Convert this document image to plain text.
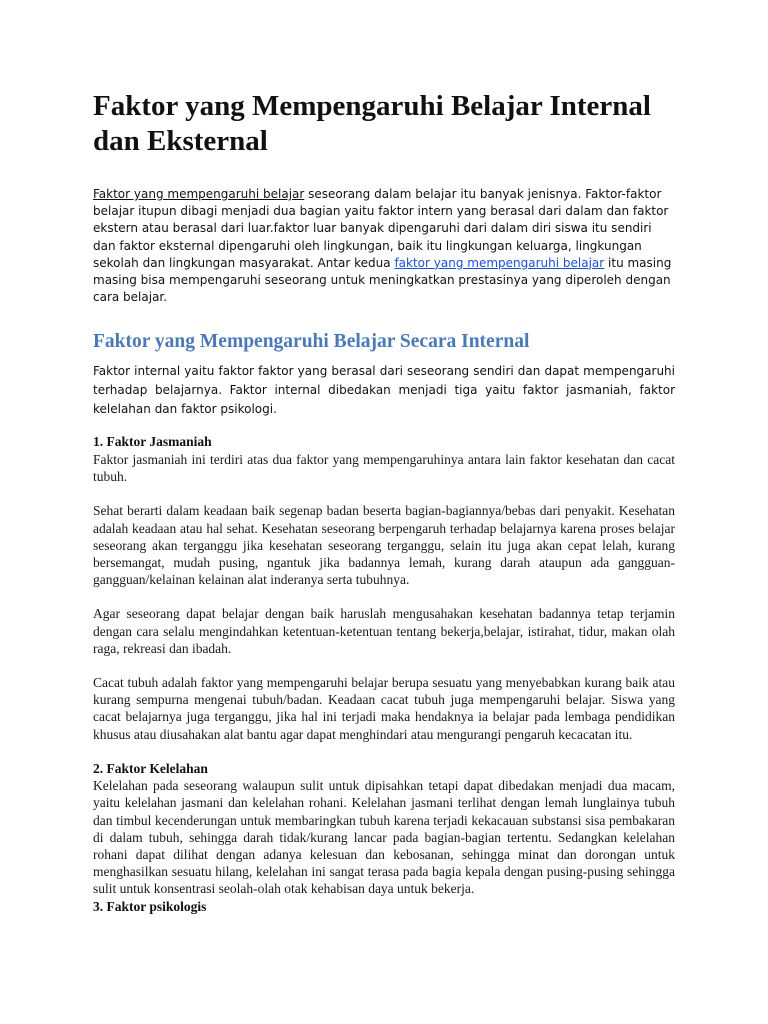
Faktor yang Mempengaruhi Belajar Internal dan Eksternal

Faktor yang mempengaruhi belajar seseorang dalam belajar itu banyak jenisnya. Faktor-faktor belajar itupun dibagi menjadi dua bagian yaitu faktor intern yang berasal dari dalam dan faktor ekstern atau berasal dari luar.faktor luar banyak dipengaruhi dari dalam diri siswa itu sendiri dan faktor eksternal dipengaruhi oleh lingkungan, baik itu lingkungan keluarga, lingkungan sekolah dan lingkungan masyarakat. Antar kedua faktor yang mempengaruhi belajar itu masing masing bisa mempengaruhi seseorang untuk meningkatkan prestasinya yang diperoleh dengan cara belajar.

Faktor yang Mempengaruhi Belajar Secara Internal

Faktor internal yaitu faktor faktor yang berasal dari seseorang sendiri dan dapat mempengaruhi terhadap belajarnya. Faktor internal dibedakan menjadi tiga yaitu faktor jasmaniah, faktor kelelahan dan faktor psikologi.

1. Faktor Jasmaniah

Faktor jasmaniah ini terdiri atas dua faktor yang mempengaruhinya antara lain faktor kesehatan dan cacat tubuh.

Sehat berarti dalam keadaan baik segenap badan beserta bagian-bagiannya/bebas dari penyakit. Kesehatan adalah keadaan atau hal sehat. Kesehatan seseorang berpengaruh terhadap belajarnya karena proses belajar seseorang akan terganggu jika kesehatan seseorang terganggu, selain itu juga akan cepat lelah, kurang bersemangat, mudah pusing, ngantuk jika badannya lemah, kurang darah ataupun ada gangguan-gangguan/kelainan kelainan alat inderanya serta tubuhnya.

Agar seseorang dapat belajar dengan baik haruslah mengusahakan kesehatan badannya tetap terjamin dengan cara selalu mengindahkan ketentuan-ketentuan tentang bekerja,belajar, istirahat, tidur, makan olah raga, rekreasi dan ibadah.

Cacat tubuh adalah faktor yang mempengaruhi belajar berupa sesuatu yang menyebabkan kurang baik atau kurang sempurna mengenai tubuh/badan. Keadaan cacat tubuh juga mempengaruhi belajar. Siswa yang cacat belajarnya juga terganggu, jika hal ini terjadi maka hendaknya ia belajar pada lembaga pendidikan khusus atau diusahakan alat bantu agar dapat menghindari atau mengurangi pengaruh kecacatan itu.

2. Faktor Kelelahan

Kelelahan pada seseorang walaupun sulit untuk dipisahkan tetapi dapat dibedakan menjadi dua macam, yaitu kelelahan jasmani dan kelelahan rohani. Kelelahan jasmani terlihat dengan lemah lunglainya tubuh dan timbul kecenderungan untuk membaringkan tubuh karena terjadi kekacauan substansi sisa pembakaran di dalam tubuh, sehingga darah tidak/kurang lancar pada bagian-bagian tertentu. Sedangkan kelelahan rohani dapat dilihat dengan adanya kelesuan dan kebosanan, sehingga minat dan dorongan untuk menghasilkan sesuatu hilang, kelelahan ini sangat terasa pada bagia kepala dengan pusing-pusing sehingga sulit untuk konsentrasi seolah-olah otak kehabisan daya untuk bekerja.

3. Faktor psikologis
